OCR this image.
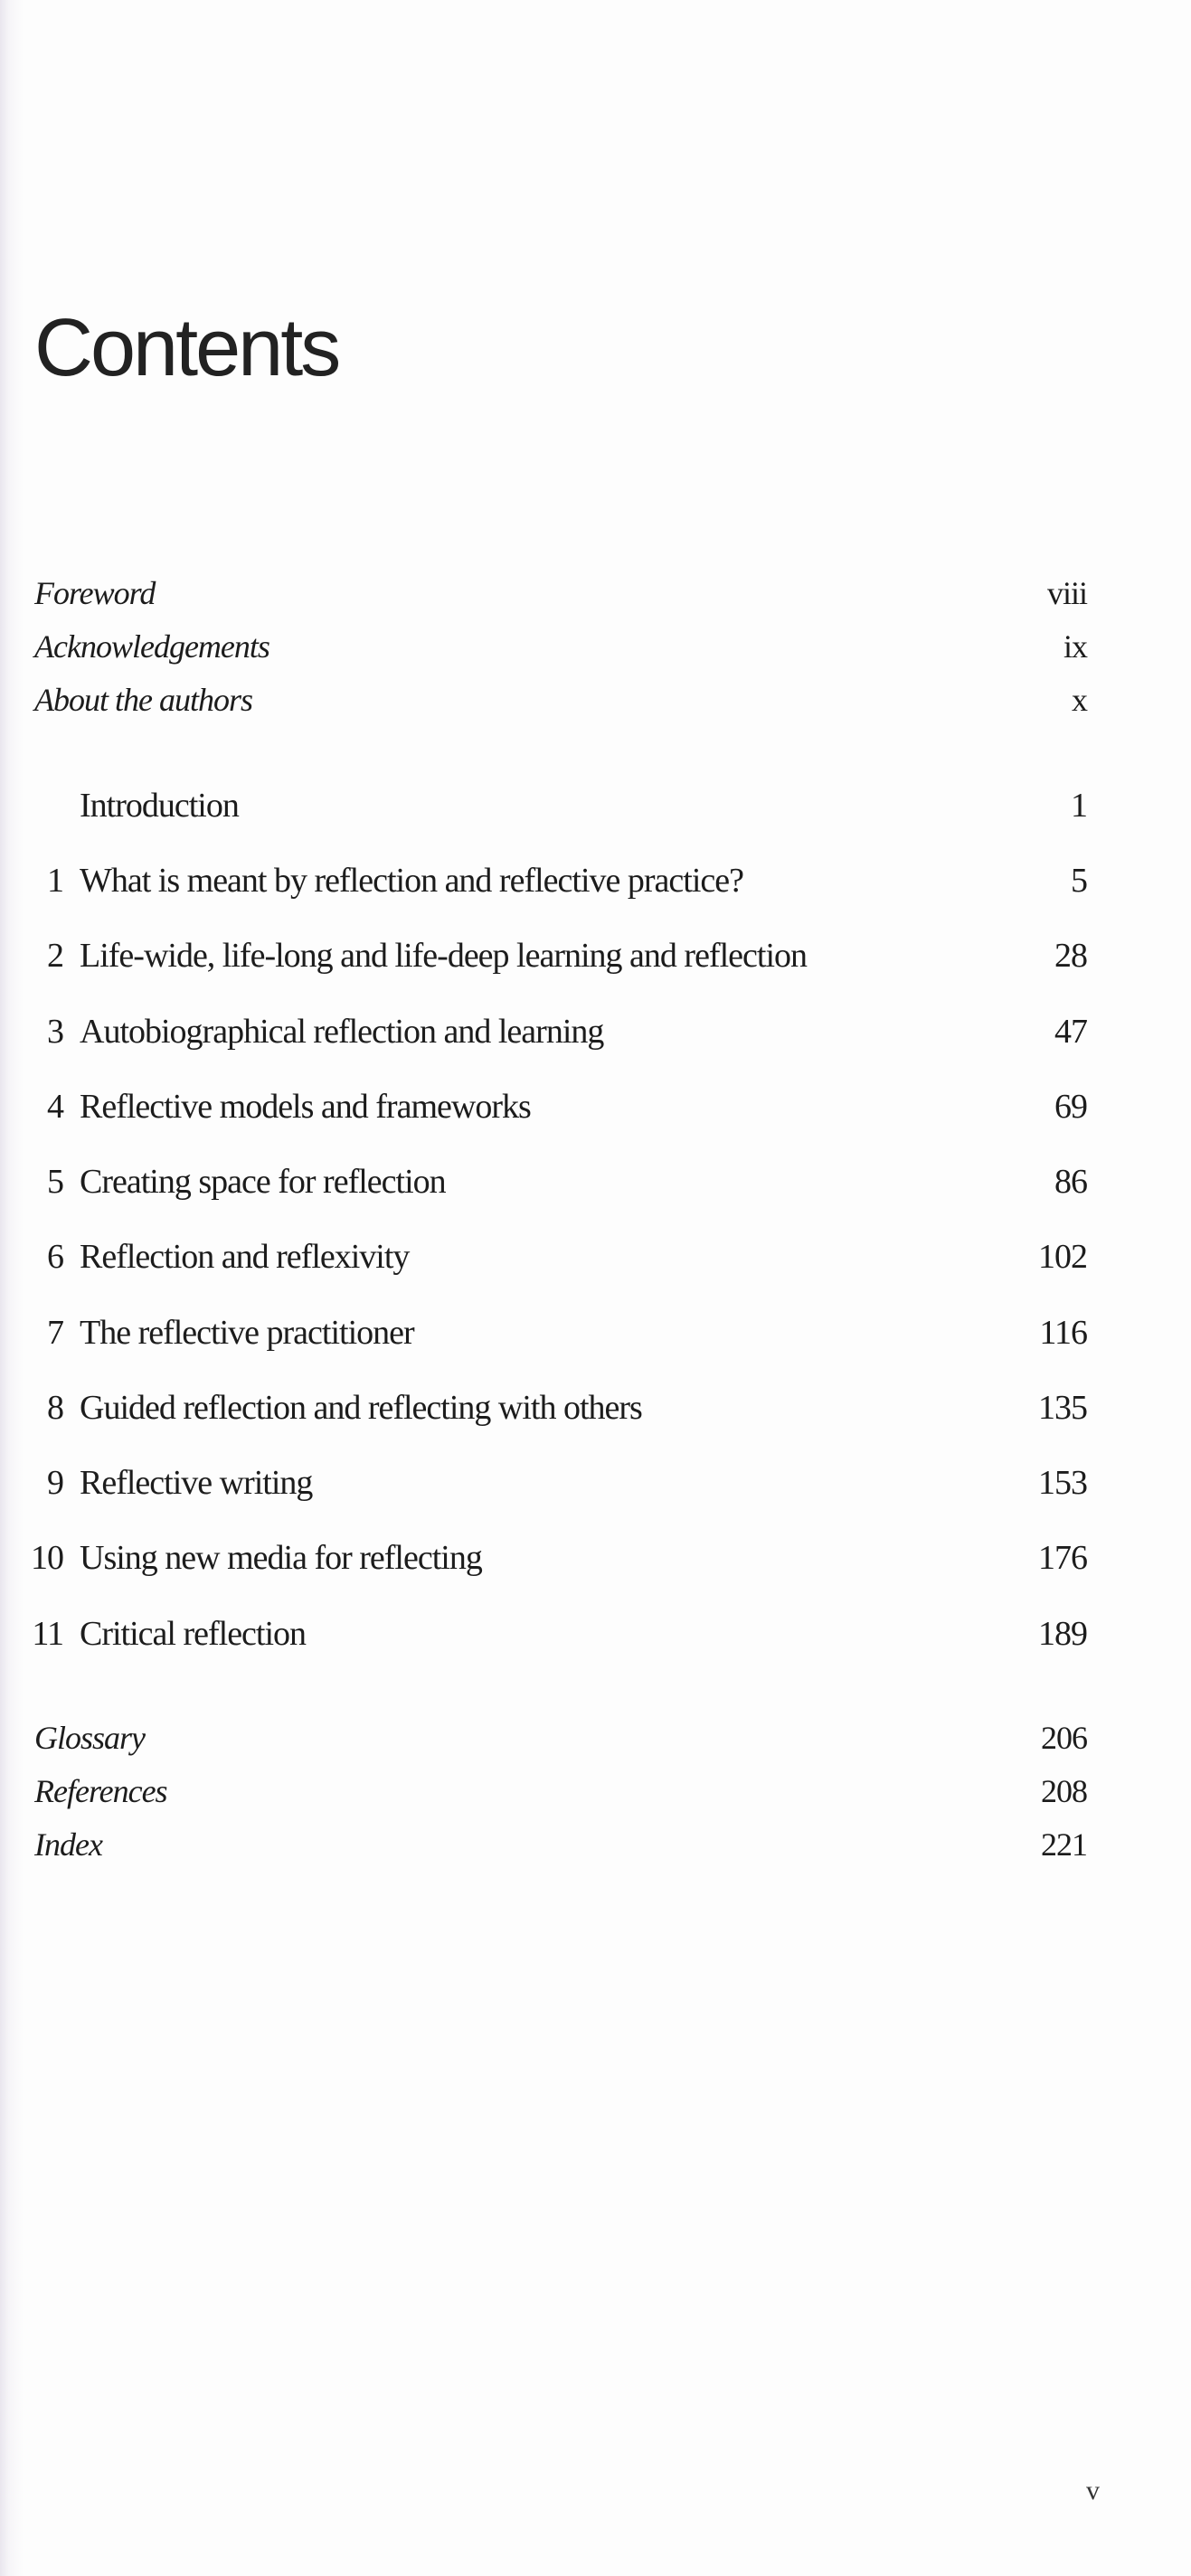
Contents
Foreword	viii
Acknowledgements	ix
About the authors	x
Introduction	1
1 What is meant by reflection and reflective practice?	5
2 Life-wide, life-long and life-deep learning and reflection	28
3 Autobiographical reflection and learning	47
4 Reflective models and frameworks	69
5 Creating space for reflection	86
6 Reflection and reflexivity	102
7 The reflective practitioner	116
8 Guided reflection and reflecting with others	135
9 Reflective writing	153
10 Using new media for reflecting	176
11 Critical reflection	189
Glossary	206
References	208
Index	221
v
